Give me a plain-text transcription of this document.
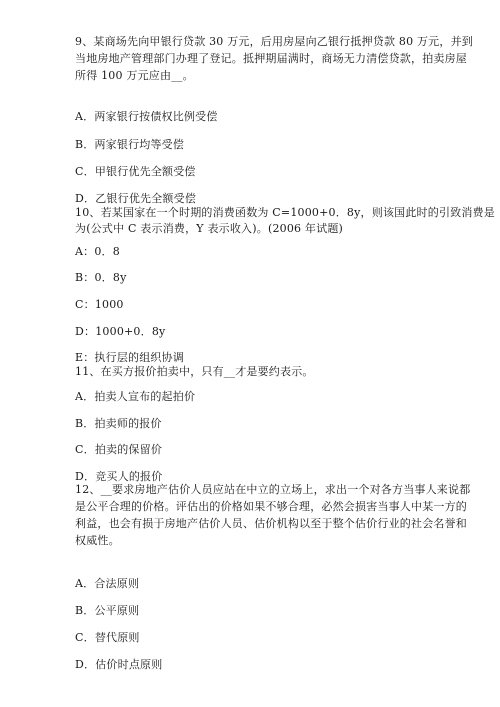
9、某商场先向甲银行贷款 30 万元，后用房屋向乙银行抵押贷款 80 万元，并到
当地房地产管理部门办理了登记。抵押期届满时，商场无力清偿贷款，拍卖房屋
所得 100 万元应由__。
A．两家银行按债权比例受偿
B．两家银行均等受偿
C．甲银行优先全额受偿
D．乙银行优先全额受偿
10、若某国家在一个时期的消费函数为 C=1000+0．8y，则该国此时的引致消费是
为(公式中 C 表示消费，Y 表示收入)。(2006 年试题)
A：0．8
B：0．8y
C：1000
D：1000+0．8y
E：执行层的组织协调
11、在买方报价拍卖中，只有__才是要约表示。
A．拍卖人宣布的起拍价
B．拍卖师的报价
C．拍卖的保留价
D．竞买人的报价
12、__要求房地产估价人员应站在中立的立场上，求出一个对各方当事人来说都
是公平合理的价格。评估出的价格如果不够合理，必然会损害当事人中某一方的
利益，也会有损于房地产估价人员、估价机构以至于整个估价行业的社会名誉和
权威性。
A．合法原则
B．公平原则
C．替代原则
D．估价时点原则
